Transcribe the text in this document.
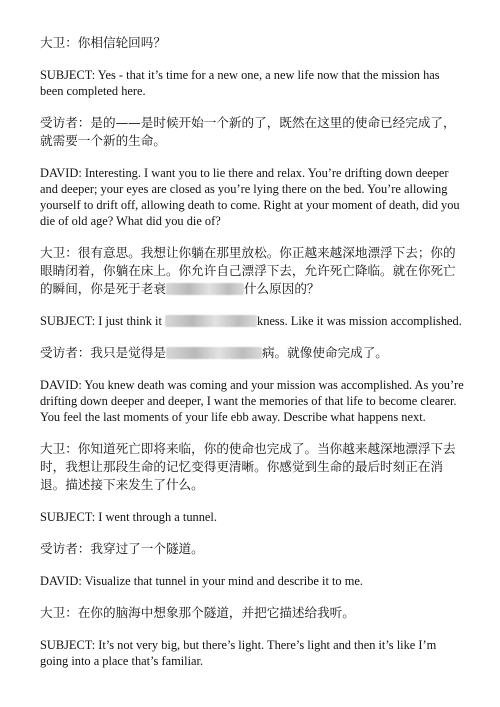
大卫：你相信轮回吗？

SUBJECT: Yes - that it’s time for a new one, a new life now that the mission has been completed here.

受访者：是的——是时候开始一个新的了，既然在这里的使命已经完成了，就需要一个新的生命。

DAVID: Interesting. I want you to lie there and relax. You’re drifting down deeper and deeper; your eyes are closed as you’re lying there on the bed. You’re allowing yourself to drift off, allowing death to come. Right at your moment of death, did you die of old age? What did you die of?

大卫：很有意思。我想让你躺在那里放松。你正越来越深地漂浮下去；你的眼睛闭着，你躺在床上。你允许自己漂浮下去，允许死亡降临。就在你死亡的瞬间，你是死于老衰	什么原因的？

SUBJECT: I just think it	kness. Like it was mission accomplished.

受访者：我只是觉得是	病。就像使命完成了。

DAVID: You knew death was coming and your mission was accomplished. As you’re drifting down deeper and deeper, I want the memories of that life to become clearer. You feel the last moments of your life ebb away. Describe what happens next.

大卫：你知道死亡即将来临，你的使命也完成了。当你越来越深地漂浮下去时，我想让那段生命的记忆变得更清晰。你感觉到生命的最后时刻正在消退。描述接下来发生了什么。

SUBJECT: I went through a tunnel.

受访者：我穿过了一个隧道。

DAVID: Visualize that tunnel in your mind and describe it to me.

大卫：在你的脑海中想象那个隧道，并把它描述给我听。

SUBJECT: It’s not very big, but there’s light. There’s light and then it’s like I’m going into a place that’s familiar.
